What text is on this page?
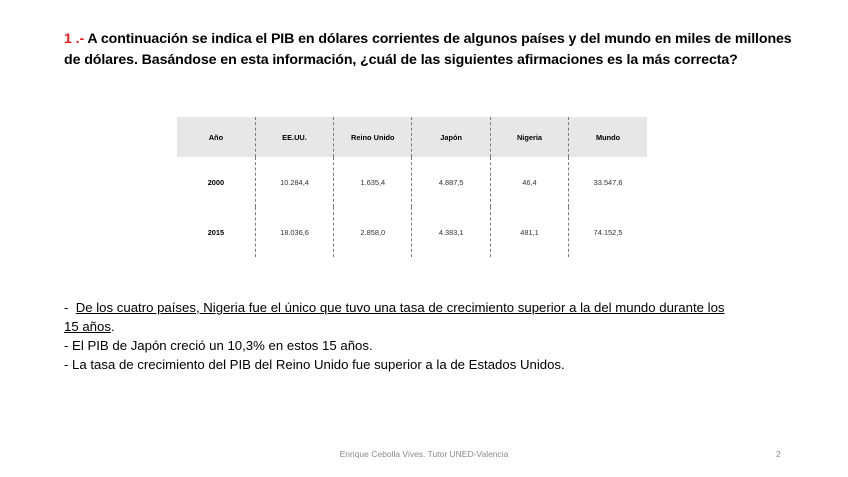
1 .- A continuación se indica el PIB en dólares corrientes de algunos países y del mundo en miles de millones de dólares. Basándose en esta información, ¿cuál de las siguientes afirmaciones es la más correcta?
Año	EE.UU.	Reino Unido	Japón	Nigeria	Mundo
2000	10.284,4	1.635,4	4.887,5	46,4	33.547,6
2015	18.036,6	2.858,0	4.383,1	481,1	74.152,5
-  De los cuatro países, Nigeria fue el único que tuvo una tasa de crecimiento superior a la del mundo durante los
15 años.
- El PIB de Japón creció un 10,3% en estos 15 años.
- La tasa de crecimiento del PIB del Reino Unido fue superior a la de Estados Unidos.
Enrique Cebolla Vives. Tutor UNED-Valencia	2
